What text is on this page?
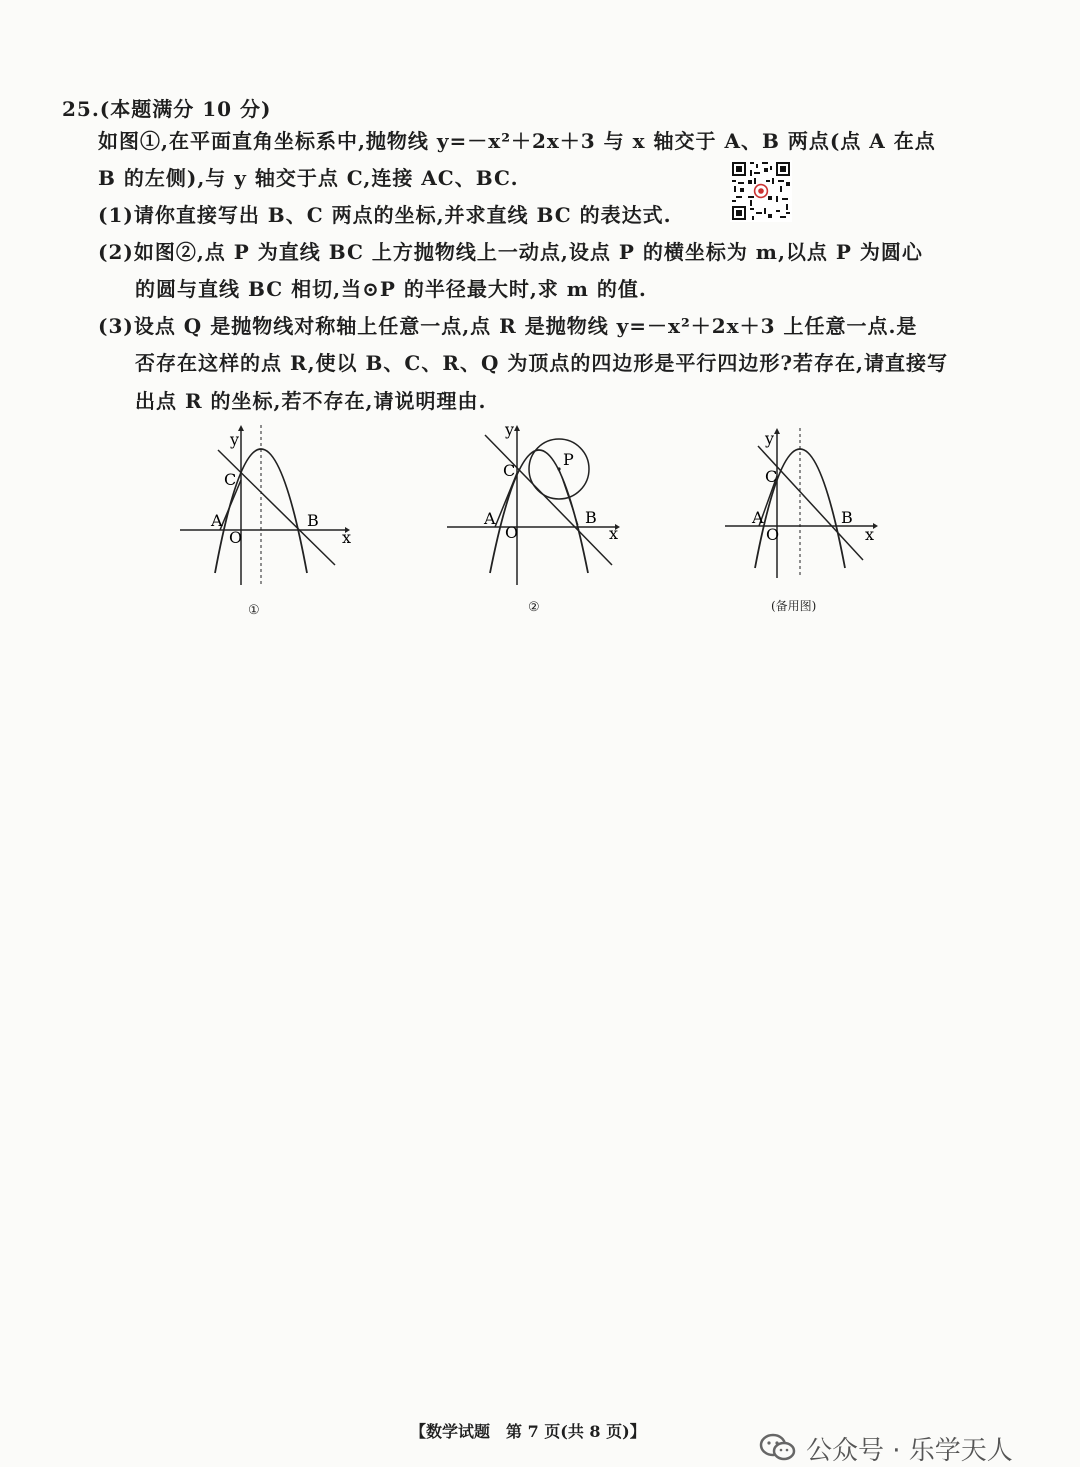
25.(本题满分 10 分)
如图①,在平面直角坐标系中,抛物线 y=－x²＋2x＋3 与 x 轴交于 A、B 两点(点 A 在点
B 的左侧),与 y 轴交于点 C,连接 AC、BC.
(1)请你直接写出 B、C 两点的坐标,并求直线 BC 的表达式.
(2)如图②,点 P 为直线 BC 上方抛物线上一动点,设点 P 的横坐标为 m,以点 P 为圆心
的圆与直线 BC 相切,当⊙P 的半径最大时,求 m 的值.
(3)设点 Q 是抛物线对称轴上任意一点,点 R 是抛物线 y=－x²＋2x＋3 上任意一点.是
否存在这样的点 R,使以 B、C、R、Q 为顶点的四边形是平行四边形?若存在,请直接写
出点 R 的坐标,若不存在,请说明理由.
y
x
C
A
O
B
①
y
x
C
A
O
B
P
②
y
x
C
A
O
B
(备用图)
【数学试题　第 7 页(共 8 页)】
公众号 · 乐学天人
